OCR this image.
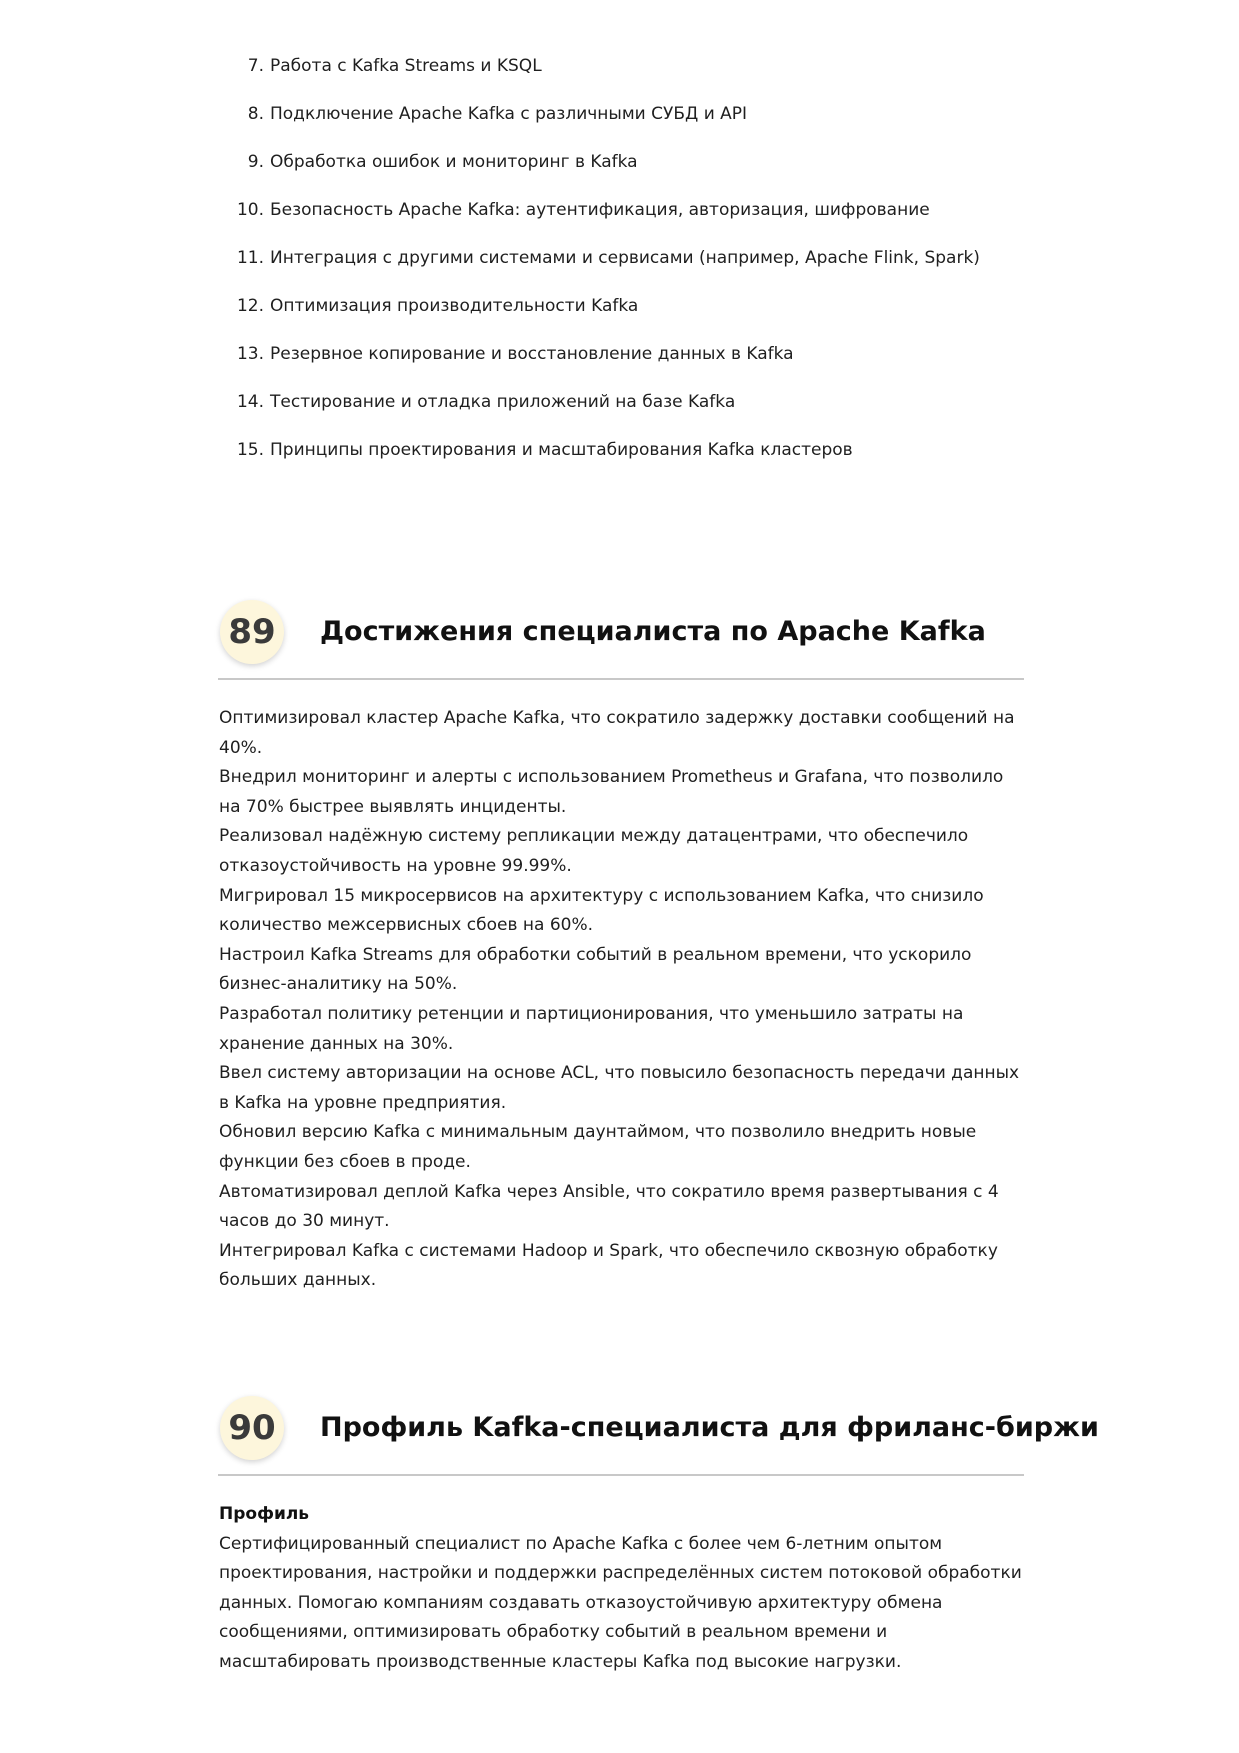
7. Работа с Kafka Streams и KSQL
8. Подключение Apache Kafka с различными СУБД и API
9. Обработка ошибок и мониторинг в Kafka
10. Безопасность Apache Kafka: аутентификация, авторизация, шифрование
11. Интеграция с другими системами и сервисами (например, Apache Flink, Spark)
12. Оптимизация производительности Kafka
13. Резервное копирование и восстановление данных в Kafka
14. Тестирование и отладка приложений на базе Kafka
15. Принципы проектирования и масштабирования Kafka кластеров
89	Достижения специалиста по Apache Kafka

Оптимизировал кластер Apache Kafka, что сократило задержку доставки сообщений на 40%.

Внедрил мониторинг и алерты с использованием Prometheus и Grafana, что позволило на 70% быстрее выявлять инциденты.

Реализовал надёжную систему репликации между датацентрами, что обеспечило отказоустойчивость на уровне 99.99%.

Мигрировал 15 микросервисов на архитектуру с использованием Kafka, что снизило количество межсервисных сбоев на 60%.

Настроил Kafka Streams для обработки событий в реальном времени, что ускорило бизнес-аналитику на 50%.

Разработал политику ретенции и партиционирования, что уменьшило затраты на хранение данных на 30%.

Ввел систему авторизации на основе ACL, что повысило безопасность передачи данных в Kafka на уровне предприятия.

Обновил версию Kafka с минимальным даунтаймом, что позволило внедрить новые функции без сбоев в проде.

Автоматизировал деплой Kafka через Ansible, что сократило время развертывания с 4 часов до 30 минут.

Интегрировал Kafka с системами Hadoop и Spark, что обеспечило сквозную обработку больших данных.

90	Профиль Kafka-специалиста для фриланс-биржи

Профиль

Сертифицированный специалист по Apache Kafka с более чем 6-летним опытом проектирования, настройки и поддержки распределённых систем потоковой обработки данных. Помогаю компаниям создавать отказоустойчивую архитектуру обмена сообщениями, оптимизировать обработку событий в реальном времени и масштабировать производственные кластеры Kafka под высокие нагрузки.
